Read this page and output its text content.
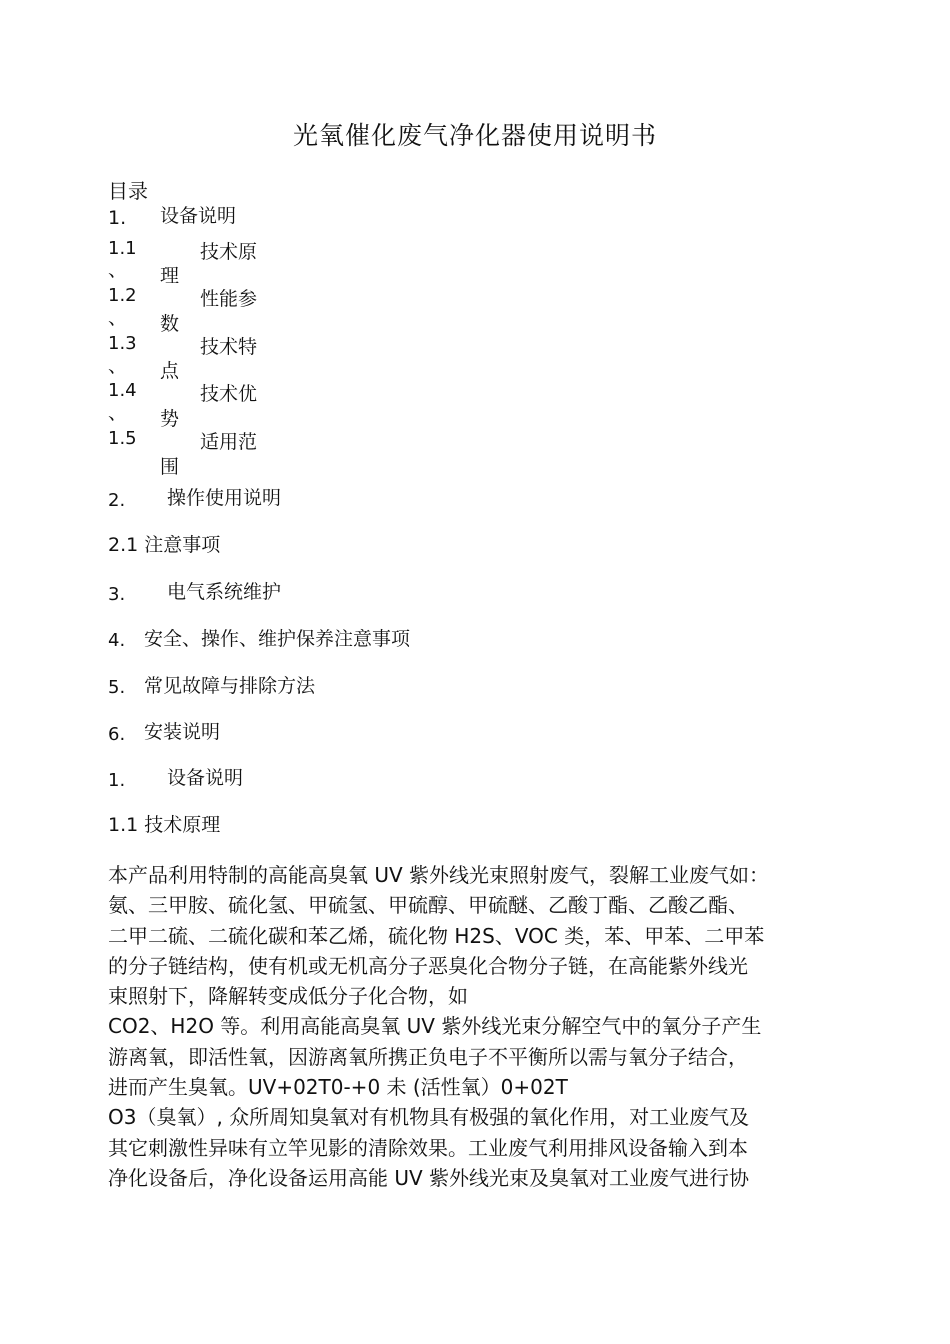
光氧催化废气净化器使用说明书
目录
1. 设备说明
1.1
、
技术原
理
1.2
、
性能参
数
1.3
、
技术特
点
1.4
、
技术优
势
1.5	适用范
围
2. 操作使用说明
2.1 注意事项
3. 电气系统维护
4. 安全、操作、维护保养注意事项
5. 常见故障与排除方法
6. 安装说明
1. 设备说明
1.1 技术原理
本产品利用特制的高能高臭氧 UV 紫外线光束照射废气，裂解工业废气如：
氨、三甲胺、硫化氢、甲硫氢、甲硫醇、甲硫醚、乙酸丁酯、乙酸乙酯、
二甲二硫、二硫化碳和苯乙烯，硫化物 H2S、VOC 类，苯、甲苯、二甲苯
的分子链结构，使有机或无机高分子恶臭化合物分子链，在高能紫外线光
束照射下，降解转变成低分子化合物，如
CO2、H2O 等。利用高能高臭氧 UV 紫外线光束分解空气中的氧分子产生
游离氧，即活性氧，因游离氧所携正负电子不平衡所以需与氧分子结合，
进而产生臭氧。UV+02T0-+0 未 (活性氧）0+02T
O3（臭氧）, 众所周知臭氧对有机物具有极强的氧化作用，对工业废气及
其它刺激性异味有立竿见影的清除效果。工业废气利用排风设备输入到本
净化设备后，净化设备运用高能 UV 紫外线光束及臭氧对工业废气进行协
